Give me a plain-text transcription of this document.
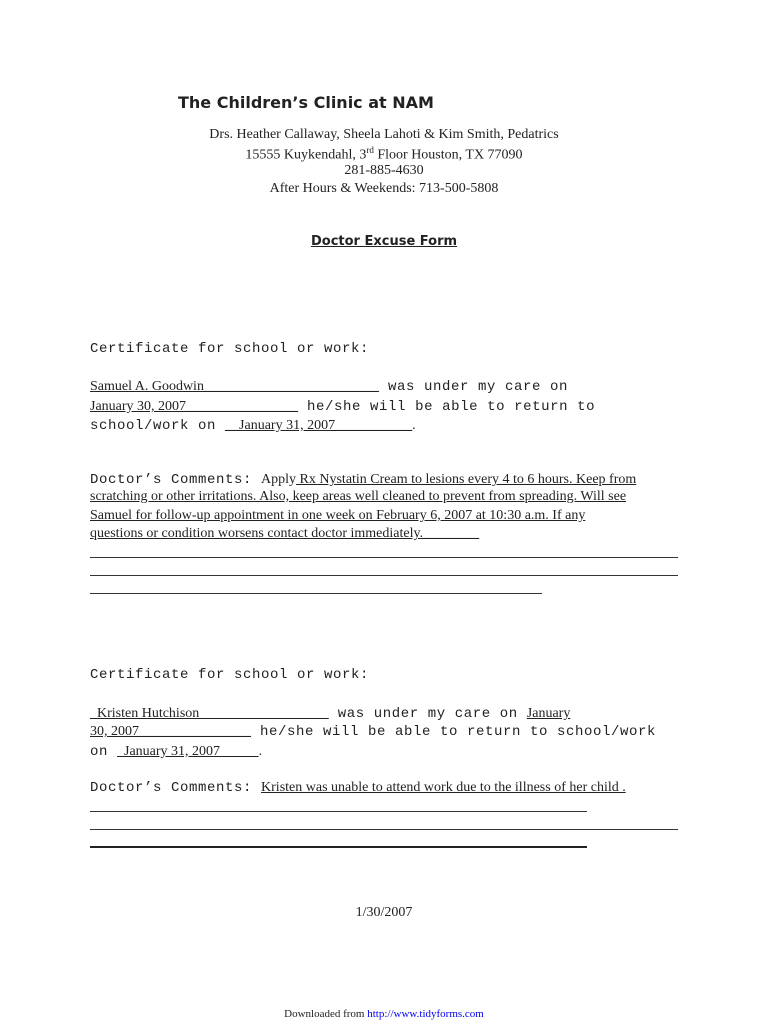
The Children’s Clinic at NAM
Drs. Heather Callaway, Sheela Lahoti & Kim Smith, Pedatrics
15555 Kuykendahl, 3rd Floor Houston, TX 77090
281-885-4630
After Hours & Weekends: 713-500-5808
Doctor Excuse Form
Certificate for school or work:
Samuel A. Goodwin_________________________ was under my care on
January 30, 2007________________ he/she will be able to return to
school/work on __January 31, 2007___________.
Doctor’s Comments: Apply Rx Nystatin Cream to lesions every 4 to 6 hours. Keep from
scratching or other irritations. Also, keep areas well cleaned to prevent from spreading. Will see
Samuel for follow-up appointment in one week on February 6, 2007 at 10:30 a.m. If any
questions or condition worsens contact doctor immediately.________
Certificate for school or work:
Kristen Hutchison                                      was under my care on January
30, 2007________________ he/she will be able to return to school/work
on   January 31, 2007           .
Doctor’s Comments: Kristen was unable to attend work due to the illness of her child .
1/30/2007
Downloaded from http://www.tidyforms.com
